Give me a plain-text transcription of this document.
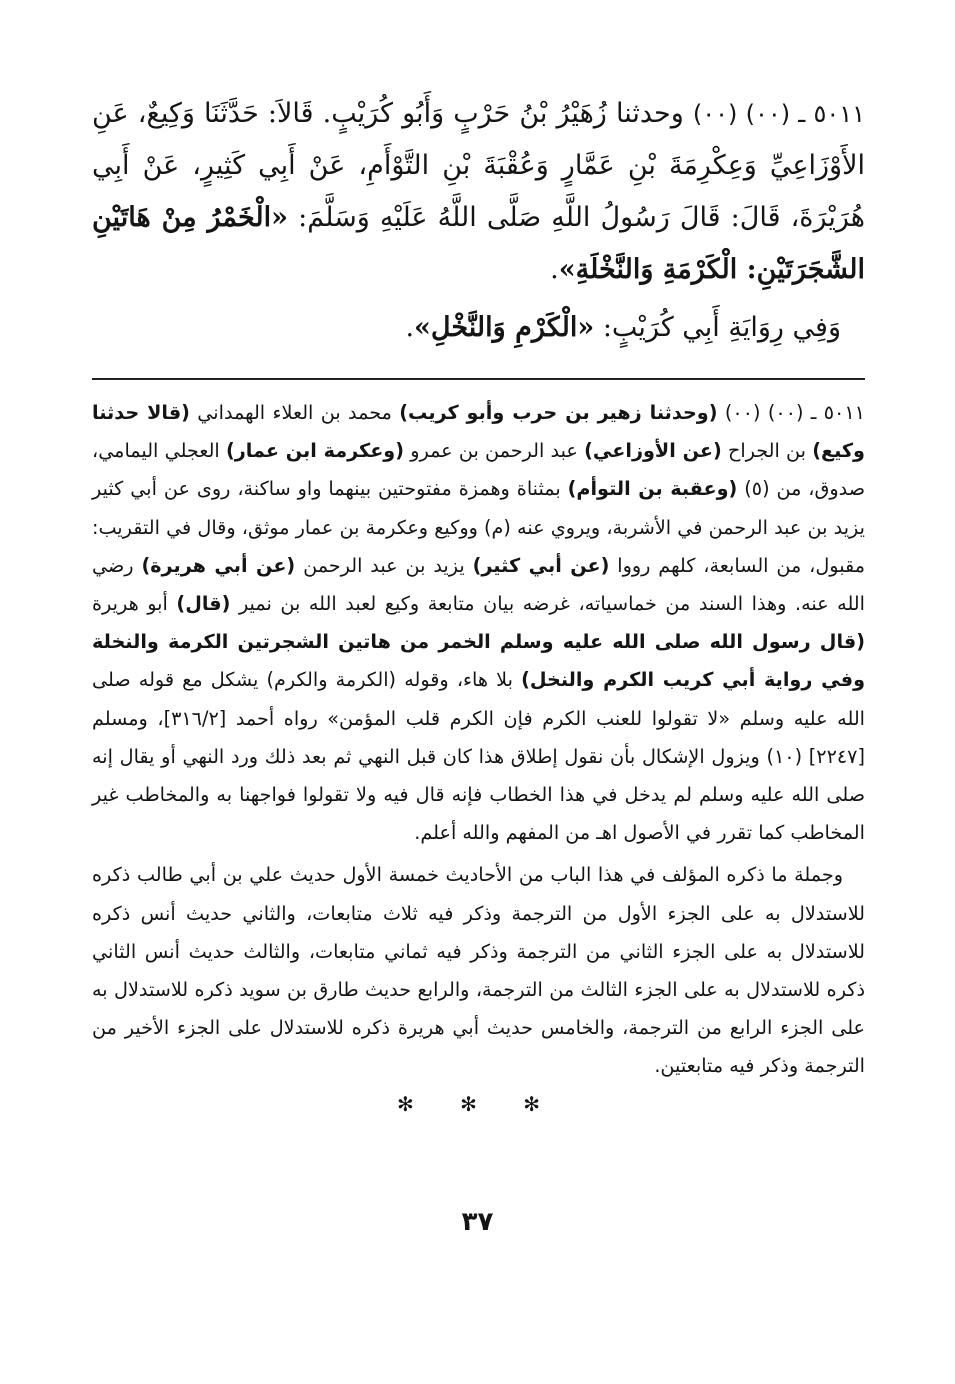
٥٠١١ ـ (٠٠) (٠٠) وحدثنا زُهَيْرُ بْنُ حَرْبٍ وَأَبُو كُرَيْبٍ. قَالاَ: حَدَّثَنَا وَكِيعٌ، عَنِ الأَوْزَاعِيِّ وَعِكْرِمَةَ بْنِ عَمَّارٍ وَعُقْبَةَ بْنِ التَّوْأَمِ، عَنْ أَبِي كَثِيرٍ، عَنْ أَبِي هُرَيْرَةَ، قَالَ: قَالَ رَسُولُ اللَّهِ صَلَّى اللَّهُ عَلَيْهِ وَسَلَّمَ: «الْخَمْرُ مِنْ هَاتَيْنِ الشَّجَرَتَيْنِ: الْكَرْمَةِ وَالنَّخْلَةِ».

وَفِي رِوَايَةِ أَبِي كُرَيْبٍ: «الْكَرْمِ وَالنَّخْلِ».

٥٠١١ ـ (٠٠) (٠٠) (وحدثنا زهير بن حرب وأبو كريب) محمد بن العلاء الهمداني (قالا حدثنا وكيع) بن الجراح (عن الأوزاعي) عبد الرحمن بن عمرو (وعكرمة ابن عمار) العجلي اليمامي، صدوق، من (٥) (وعقبة بن التوأم) بمثناة وهمزة مفتوحتين بينهما واو ساكنة، روى عن أبي كثير يزيد بن عبد الرحمن في الأشربة، ويروي عنه (م) ووكيع وعكرمة بن عمار موثق، وقال في التقريب: مقبول، من السابعة، كلهم رووا (عن أبي كثير) يزيد بن عبد الرحمن (عن أبي هريرة) رضي الله عنه. وهذا السند من خماسياته، غرضه بيان متابعة وكيع لعبد الله بن نمير (قال) أبو هريرة (قال رسول الله صلى الله عليه وسلم الخمر من هاتين الشجرتين الكرمة والنخلة وفي رواية أبي كريب الكرم والنخل) بلا هاء، وقوله (الكرمة والكرم) يشكل مع قوله صلى الله عليه وسلم «لا تقولوا للعنب الكرم فإن الكرم قلب المؤمن» رواه أحمد [٣١٦/٢]، ومسلم [٢٢٤٧] (١٠) ويزول الإشكال بأن نقول إطلاق هذا كان قبل النهي ثم بعد ذلك ورد النهي أو يقال إنه صلى الله عليه وسلم لم يدخل في هذا الخطاب فإنه قال فيه ولا تقولوا فواجهنا به والمخاطب غير المخاطب كما تقرر في الأصول اهـ من المفهم والله أعلم.

وجملة ما ذكره المؤلف في هذا الباب من الأحاديث خمسة الأول حديث علي بن أبي طالب ذكره للاستدلال به على الجزء الأول من الترجمة وذكر فيه ثلاث متابعات، والثاني حديث أنس ذكره للاستدلال به على الجزء الثاني من الترجمة وذكر فيه ثماني متابعات، والثالث حديث أنس الثاني ذكره للاستدلال به على الجزء الثالث من الترجمة، والرابع حديث طارق بن سويد ذكره للاستدلال به على الجزء الرابع من الترجمة، والخامس حديث أبي هريرة ذكره للاستدلال على الجزء الأخير من الترجمة وذكر فيه متابعتين.

✻ ✻ ✻
٣٧
